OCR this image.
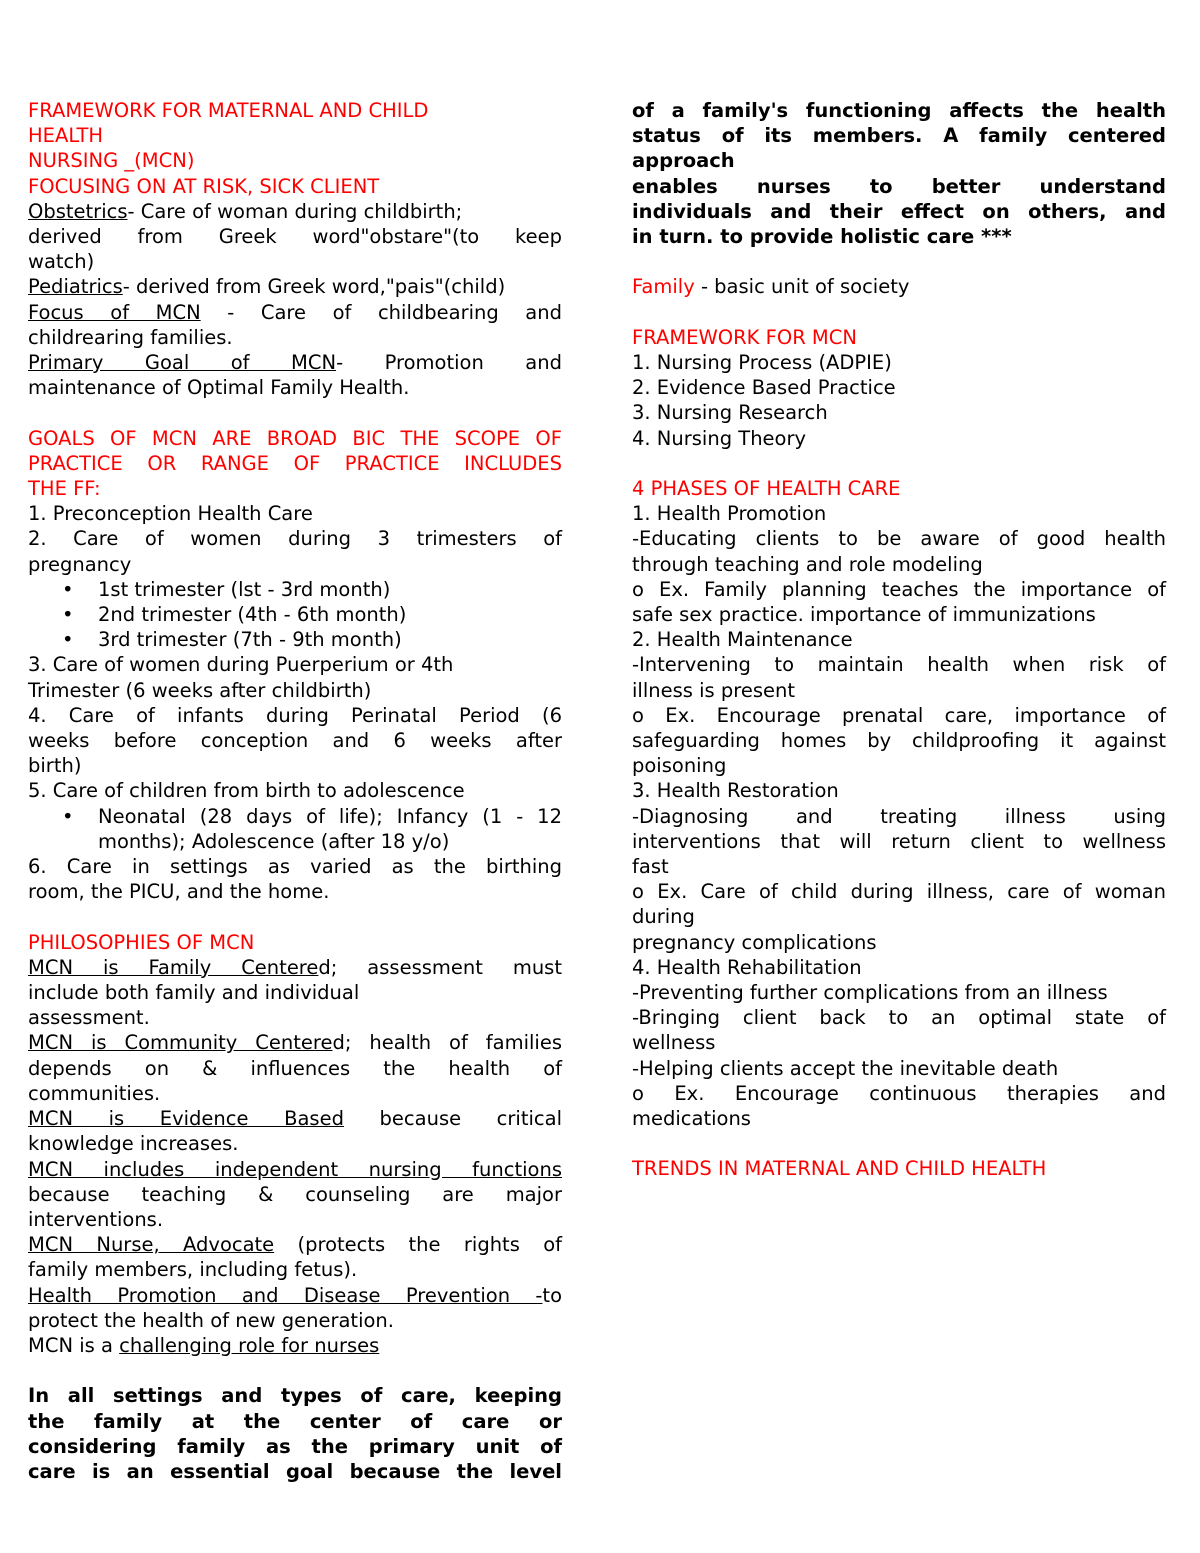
FRAMEWORK FOR MATERNAL AND CHILD
HEALTH
NURSING _(MCN)
FOCUSING ON AT RISK, SICK CLIENT
Obstetrics- Care of woman during childbirth;
derived from Greek word"obstare"(to keep
watch)
Pediatrics- derived from Greek word,"pais"(child)
Focus of MCN - Care of childbearing and
childrearing families.
Primary Goal of MCN- Promotion and
maintenance of Optimal Family Health.
GOALS OF MCN ARE BROAD BIC THE SCOPE OF
PRACTICE OR RANGE OF PRACTICE INCLUDES
THE FF:
1. Preconception Health Care
2. Care of women during 3 trimesters of
pregnancy
• 1st trimester (lst - 3rd month)
• 2nd trimester (4th - 6th month)
• 3rd trimester (7th - 9th month)
3. Care of women during Puerperium or 4th
Trimester (6 weeks after childbirth)
4. Care of infants during Perinatal Period (6
weeks before conception and 6 weeks after
birth)
5. Care of children from birth to adolescence
• Neonatal (28 days of life); Infancy (1 - 12
months); Adolescence (after 18 y/o)
6. Care in settings as varied as the birthing
room, the PICU, and the home.
PHILOSOPHIES OF MCN
MCN is Family Centered; assessment must
include both family and individual
assessment.
MCN is Community Centered; health of families
depends on & influences the health of
communities.
MCN is Evidence Based because critical
knowledge increases.
MCN includes independent nursing functions
because teaching & counseling are major
interventions.
MCN Nurse, Advocate (protects the rights of
family members, including fetus).
Health Promotion and Disease Prevention -to
protect the health of new generation.
MCN is a challenging role for nurses
In all settings and types of care, keeping
the family at the center of care or
considering family as the primary unit of
care is an essential goal because the level
of a family's functioning affects the health
status of its members. A family centered
approach
enables nurses to better understand
individuals and their effect on others, and
in turn. to provide holistic care ***
Family - basic unit of society
FRAMEWORK FOR MCN
1. Nursing Process (ADPIE)
2. Evidence Based Practice
3. Nursing Research
4. Nursing Theory
4 PHASES OF HEALTH CARE
1. Health Promotion
-Educating clients to be aware of good health
through teaching and role modeling
o Ex. Family planning teaches the importance of
safe sex practice. importance of immunizations
2. Health Maintenance
-Intervening to maintain health when risk of
illness is present
o Ex. Encourage prenatal care, importance of
safeguarding homes by childproofing it against
poisoning
3. Health Restoration
-Diagnosing and treating illness using
interventions that will return client to wellness
fast
o Ex. Care of child during illness, care of woman
during
pregnancy complications
4. Health Rehabilitation
-Preventing further complications from an illness
-Bringing client back to an optimal state of
wellness
-Helping clients accept the inevitable death
o Ex. Encourage continuous therapies and
medications
TRENDS IN MATERNAL AND CHILD HEALTH
